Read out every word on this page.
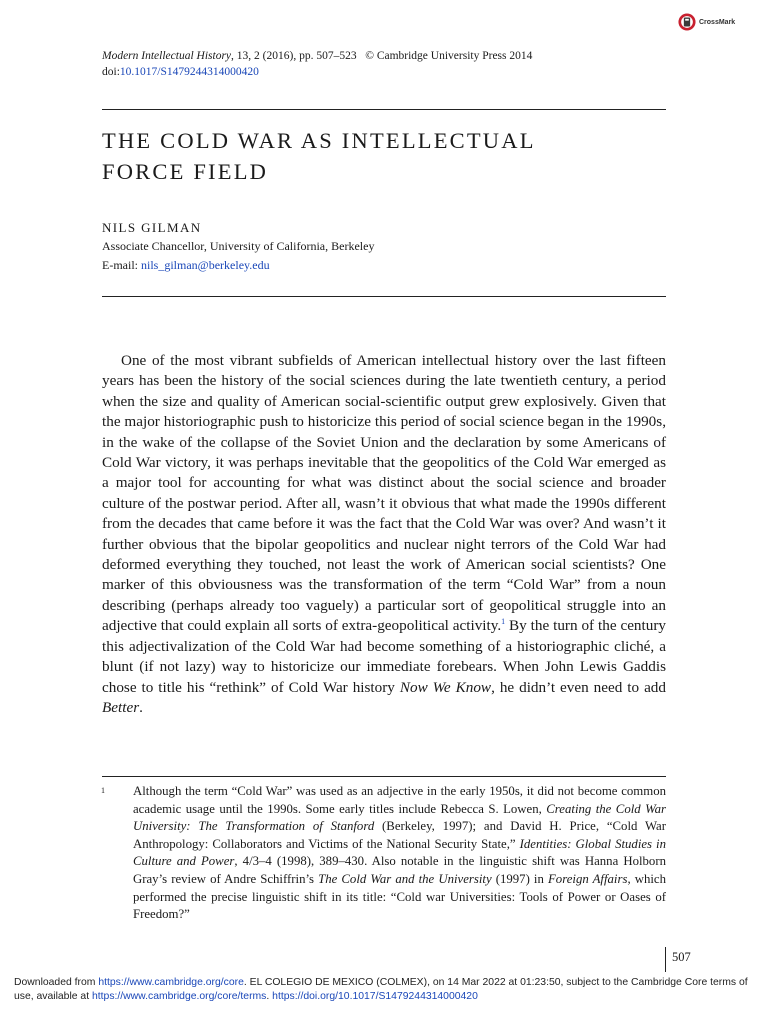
CrossMark
Modern Intellectual History, 13, 2 (2016), pp. 507–523 © Cambridge University Press 2014
doi:10.1017/S1479244314000420
THE COLD WAR AS INTELLECTUAL
FORCE FIELD
NILS GILMAN
Associate Chancellor, University of California, Berkeley
E-mail: nils_gilman@berkeley.edu

One of the most vibrant subfields of American intellectual history over the last fifteen years has been the history of the social sciences during the late twentieth century, a period when the size and quality of American social-scientific output grew explosively. Given that the major historiographic push to historicize this period of social science began in the 1990s, in the wake of the collapse of the Soviet Union and the declaration by some Americans of Cold War victory, it was perhaps inevitable that the geopolitics of the Cold War emerged as a major tool for accounting for what was distinct about the social science and broader culture of the postwar period. After all, wasn’t it obvious that what made the 1990s different from the decades that came before it was the fact that the Cold War was over? And wasn’t it further obvious that the bipolar geopolitics and nuclear night terrors of the Cold War had deformed everything they touched, not least the work of American social scientists? One marker of this obviousness was the transformation of the term “Cold War” from a noun describing (perhaps already too vaguely) a particular sort of geopolitical struggle into an adjective that could explain all sorts of extra-geopolitical activity.$^1$ By the turn of the century this adjectivalization of the Cold War had become something of a historiographic cliché, a blunt (if not lazy) way to historicize our immediate forebears. When John Lewis Gaddis chose to title his “rethink” of Cold War history Now We Know, he didn’t even need to add Better.

1 Although the term “Cold War” was used as an adjective in the early 1950s, it did not become common academic usage until the 1990s. Some early titles include Rebecca S. Lowen, Creating the Cold War University: The Transformation of Stanford (Berkeley, 1997); and David H. Price, “Cold War Anthropology: Collaborators and Victims of the National Security State,” Identities: Global Studies in Culture and Power, 4/3–4 (1998), 389–430. Also notable in the linguistic shift was Hanna Holborn Gray’s review of Andre Schiffrin’s The Cold War and the University (1997) in Foreign Affairs, which performed the precise linguistic shift in its title: “Cold war Universities: Tools of Power or Oases of Freedom?”

507

Downloaded from https://www.cambridge.org/core. EL COLEGIO DE MEXICO (COLMEX), on 14 Mar 2022 at 01:23:50, subject to the Cambridge Core terms of use, available at https://www.cambridge.org/core/terms. https://doi.org/10.1017/S1479244314000420
